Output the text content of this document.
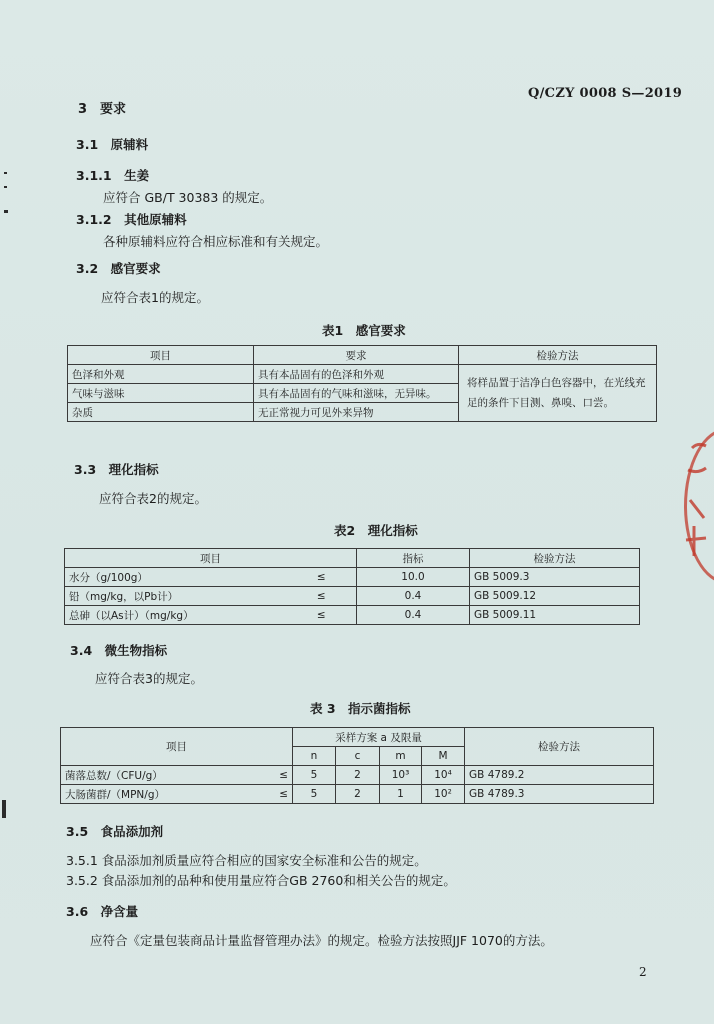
Q/CZY 0008 S—2019
3　要求
3.1　原辅料
3.1.1　生姜
应符合 GB/T 30383 的规定。
3.1.2　其他原辅料
各种原辅料应符合相应标准和有关规定。
3.2　感官要求
应符合表1的规定。
表1　感官要求
项目	要求	检验方法
色泽和外观	具有本品固有的色泽和外观	将样品置于洁净白色容器中，在光线充足的条件下目测、鼻嗅、口尝。
气味与滋味	具有本品固有的气味和滋味，无异味。	
杂质	无正常视力可见外来异物	
3.3　理化指标
应符合表2的规定。
表2　理化指标
项目		指标	检验方法
水分（g/100g）	≤	10.0	GB 5009.3
铅（mg/kg，以Pb计）	≤	0.4	GB 5009.12
总砷（以As计）（mg/kg）	≤	0.4	GB 5009.11
3.4　微生物指标
应符合表3的规定。
表 3　指示菌指标
项目		采样方案 a 及限量				检验方法
		n	c	m	M	
菌落总数/（CFU/g）	≤	5	2	10³	10⁴	GB 4789.2
大肠菌群/（MPN/g）	≤	5	2	1	10²	GB 4789.3
3.5　食品添加剂
3.5.1 食品添加剂质量应符合相应的国家安全标准和公告的规定。
3.5.2 食品添加剂的品种和使用量应符合GB 2760和相关公告的规定。
3.6　净含量
应符合《定量包装商品计量监督管理办法》的规定。检验方法按照JJF 1070的方法。
2
